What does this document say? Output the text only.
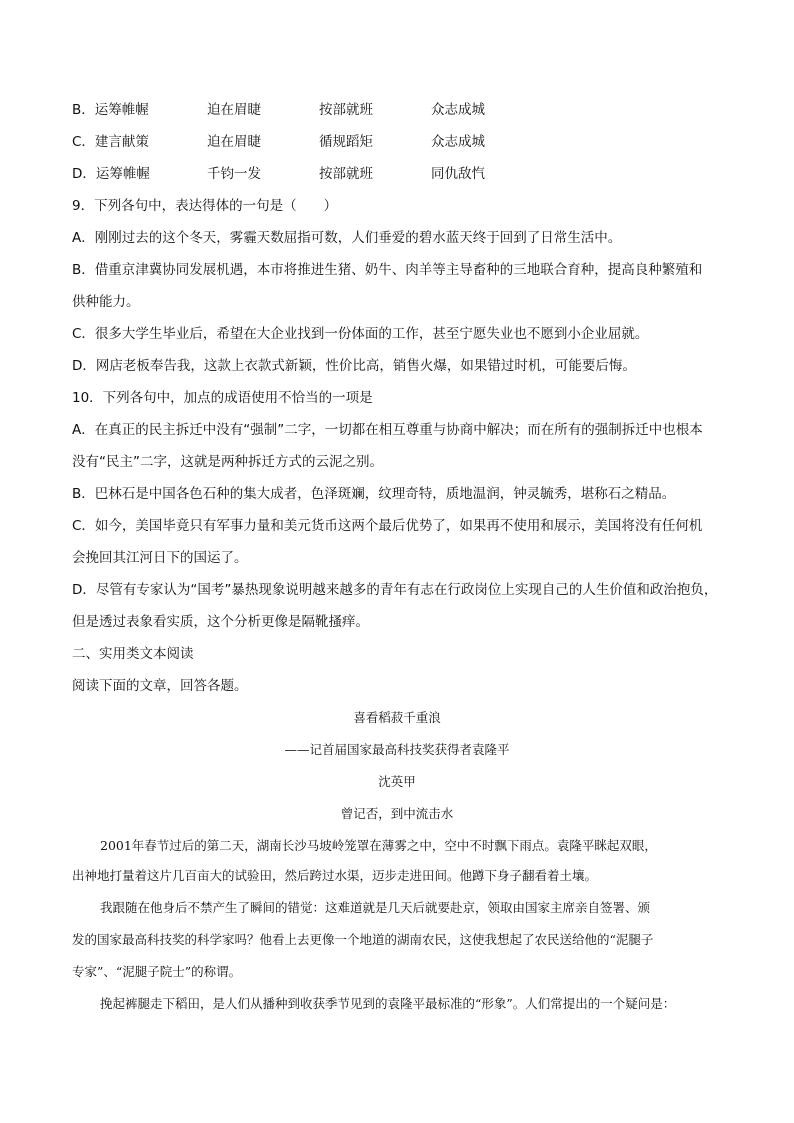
B．运筹帷幄	迫在眉睫	按部就班	众志成城
C．建言献策	迫在眉睫	循规蹈矩	众志成城
D．运筹帷幄	千钧一发	按部就班	同仇敌忾
9．下列各句中，表达得体的一句是（　　）
A．刚刚过去的这个冬天，雾霾天数屈指可数，人们垂爱的碧水蓝天终于回到了日常生活中。
B．借重京津冀协同发展机遇，本市将推进生猪、奶牛、肉羊等主导畜种的三地联合育种，提高良种繁殖和
供种能力。
C．很多大学生毕业后，希望在大企业找到一份体面的工作，甚至宁愿失业也不愿到小企业屈就。
D．网店老板奉告我，这款上衣款式新颖，性价比高，销售火爆，如果错过时机，可能要后悔。
10．下列各句中，加点的成语使用不恰当的一项是
A．在真正的民主拆迁中没有“强制”二字，一切都在相互尊重与协商中解决；而在所有的强制拆迁中也根本
没有“民主”二字，这就是两种拆迁方式的云泥之别。
B．巴林石是中国各色石种的集大成者，色泽斑斓，纹理奇特，质地温润，钟灵毓秀，堪称石之精品。
C．如今，美国毕竟只有军事力量和美元货币这两个最后优势了，如果再不使用和展示，美国将没有任何机
会挽回其江河日下的国运了。
D．尽管有专家认为“国考”暴热现象说明越来越多的青年有志在行政岗位上实现自己的人生价值和政治抱负，
但是透过表象看实质，这个分析更像是隔靴搔痒。
二、实用类文本阅读
阅读下面的文章，回答各题。
喜看稻菽千重浪
——记首届国家最高科技奖获得者袁隆平
沈英甲
曾记否，到中流击水
2001年春节过后的第二天，湖南长沙马坡岭笼罩在薄雾之中，空中不时飘下雨点。袁隆平眯起双眼，
出神地打量着这片几百亩大的试验田，然后跨过水渠，迈步走进田间。他蹲下身子翻看着土壤。
我跟随在他身后不禁产生了瞬间的错觉：这难道就是几天后就要赴京，领取由国家主席亲自签署、颁
发的国家最高科技奖的科学家吗？他看上去更像一个地道的湖南农民，这使我想起了农民送给他的“泥腿子
专家”、“泥腿子院士”的称谓。
挽起裤腿走下稻田，是人们从播种到收获季节见到的袁隆平最标准的“形象”。人们常提出的一个疑问是：
